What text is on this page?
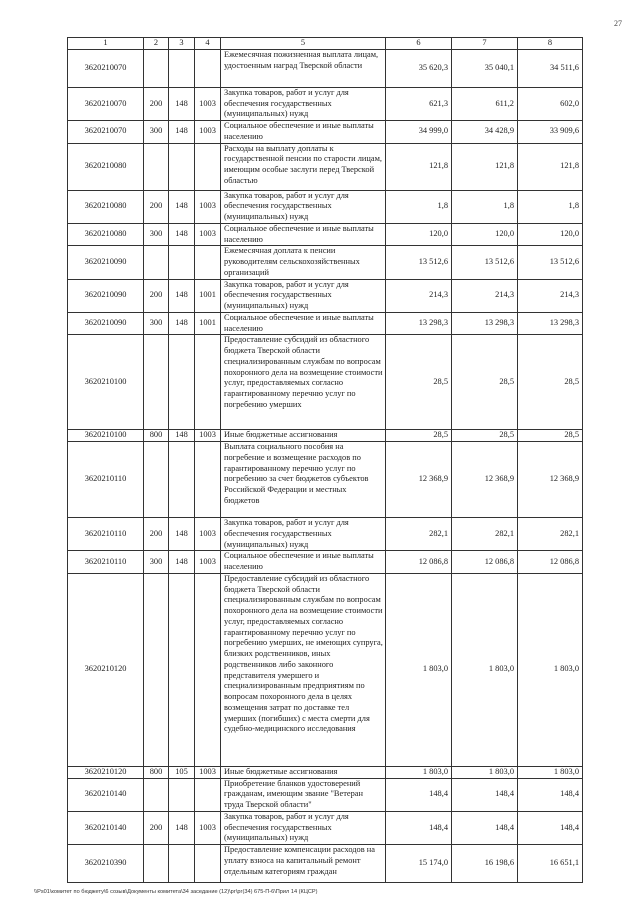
27
1	2	3	4	5	6	7	8
3620210070				Ежемесячная пожизненная выплата лицам, удостоенным наград Тверской области	35 620,3	35 040,1	34 511,6
3620210070	200	148	1003	Закупка товаров, работ и услуг для обеспечения государственных (муниципальных) нужд	621,3	611,2	602,0
3620210070	300	148	1003	Социальное обеспечение и иные выплаты населению	34 999,0	34 428,9	33 909,6
3620210080				Расходы на выплату доплаты к государственной пенсии по старости лицам, имеющим особые заслуги перед Тверской областью	121,8	121,8	121,8
3620210080	200	148	1003	Закупка товаров, работ и услуг для обеспечения государственных (муниципальных) нужд	1,8	1,8	1,8
3620210080	300	148	1003	Социальное обеспечение и иные выплаты населению	120,0	120,0	120,0
3620210090				Ежемесячная доплата к пенсии руководителям сельскохозяйственных организаций	13 512,6	13 512,6	13 512,6
3620210090	200	148	1001	Закупка товаров, работ и услуг для обеспечения государственных (муниципальных) нужд	214,3	214,3	214,3
3620210090	300	148	1001	Социальное обеспечение и иные выплаты населению	13 298,3	13 298,3	13 298,3
3620210100				Предоставление субсидий из областного бюджета Тверской области специализированным службам по вопросам похоронного дела на возмещение стоимости услуг, предоставляемых согласно гарантированному перечню услуг по погребению умерших	28,5	28,5	28,5
3620210100	800	148	1003	Иные бюджетные ассигнования	28,5	28,5	28,5
3620210110				Выплата социального пособия на погребение и возмещение расходов по гарантированному перечню услуг по погребению за счет бюджетов субъектов Российской Федерации и местных бюджетов	12 368,9	12 368,9	12 368,9
3620210110	200	148	1003	Закупка товаров, работ и услуг для обеспечения государственных (муниципальных) нужд	282,1	282,1	282,1
3620210110	300	148	1003	Социальное обеспечение и иные выплаты населению	12 086,8	12 086,8	12 086,8
3620210120				Предоставление субсидий из областного бюджета Тверской области специализированным службам по вопросам похоронного дела на возмещение стоимости услуг, предоставляемых согласно гарантированному перечню услуг по погребению умерших, не имеющих супруга, близких родственников, иных родственников либо законного представителя умершего и специализированным предприятиям по вопросам похоронного дела в целях возмещения затрат по доставке тел умерших (погибших) с места смерти для судебно-медицинского исследования	1 803,0	1 803,0	1 803,0
3620210120	800	105	1003	Иные бюджетные ассигнования	1 803,0	1 803,0	1 803,0
3620210140				Приобретение бланков удостоверений гражданам, имеющим звание "Ветеран труда Тверской области"	148,4	148,4	148,4
3620210140	200	148	1003	Закупка товаров, работ и услуг для обеспечения государственных (муниципальных) нужд	148,4	148,4	148,4
3620210390				Предоставление компенсации расходов на уплату взноса на капитальный ремонт отдельным категориям граждан	15 174,0	16 198,6	16 651,1
\\Ps01\комитет по бюджету\6 созыв\Документы комитета\34 заседание (12)\рг\рг(34) 675-П-6\Прил 14 (КЦСР)
